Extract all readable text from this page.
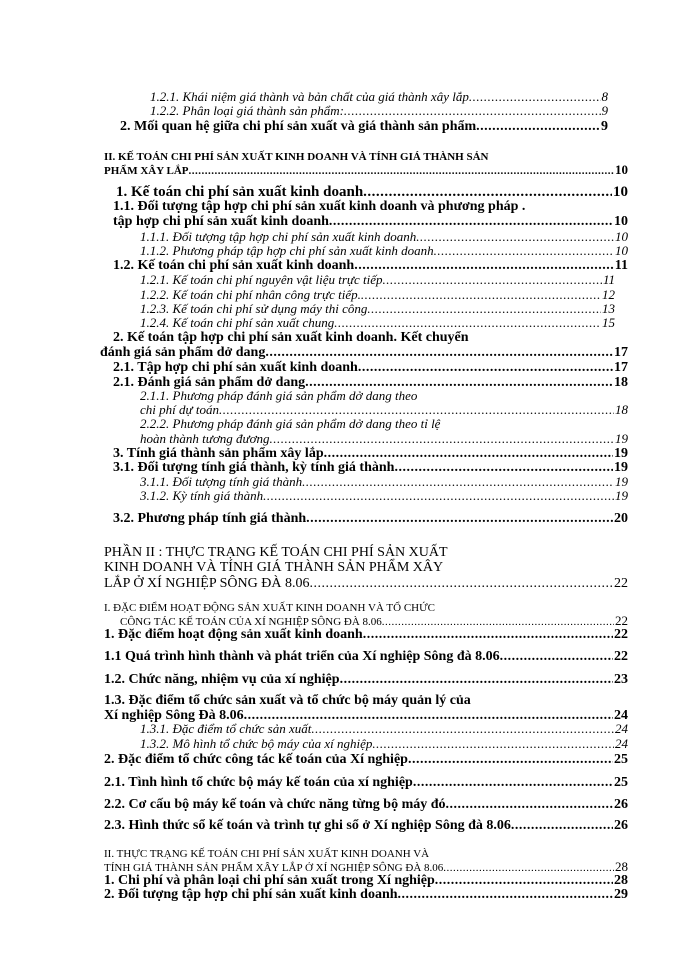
1.2.1. Khái niệm giá thành và bản chất của giá thành xây lắp .....	8
1.2.2. Phân loại giá thành sản phẩm: .....	9
2. Mối quan hệ giữa chi phí sản xuất và giá thành sản phẩm .....	9
II. KẾ TOÁN CHI PHÍ SẢN XUẤT KINH DOANH VÀ TÍNH GIÁ THÀNH SẢN
PHẨM XÂY LẮP .....	10
1. Kế toán chi phí sản xuất kinh doanh .....	10
1.1. Đối tượng tập hợp chi phí sản xuất kinh doanh và phương pháp .
tập hợp chi phí sản xuất kinh doanh .....	10
1.1.1. Đối tượng tập hợp chi phí sản xuất kinh doanh .....	10
1.1.2. Phương pháp tập hợp chi phí sản xuất kinh doanh .....	10
1.2. Kế toán chi phí sản xuất kinh doanh .....	11
1.2.1. Kế toán chi phí nguyên vật liệu trực tiếp .....	11
1.2.2. Kế toán chi phí nhân công trực tiếp. .....	12
1.2.3. Kế toán chi phí sử dụng máy thi công .....	13
1.2.4. Kế toán chi phí sản xuất chung .....	15
2. Kế toán tập hợp chi phí sản xuất kinh doanh. Kết chuyển
đánh giá sản phẩm dở dang .....	17
2.1. Tập hợp chi phí sản xuất kinh doanh .....	17
2.1. Đánh giá sản phẩm dở dang .....	18
2.1.1. Phương pháp đánh giá sản phẩm dở dang theo
chi phí dự toán .....	18
2.2.2. Phương pháp đánh giá sản phẩm dở dang theo tỉ lệ
hoàn thành tương đương .....	19
3. Tính giá thành sản phẩm xây lắp .....	19
3.1. Đối tượng tính giá thành, kỳ tính giá thành .....	19
3.1.1. Đối tượng tính giá thành .....	19
3.1.2. Kỳ tính giá thành .....	19
3.2. Phương pháp tính giá thành .....	20
PHẦN II : THỰC TRẠNG KẾ TOÁN CHI PHÍ SẢN XUẤT
KINH DOANH VÀ TÍNH GIÁ THÀNH SẢN PHẨM XÂY
LẮP Ở XÍ NGHIỆP SÔNG ĐÀ 8.06 .....	22
I. ĐẶC ĐIỂM HOẠT ĐỘNG SẢN XUẤT KINH DOANH VÀ TỔ CHỨC
CÔNG TÁC KẾ TOÁN CỦA XÍ NGHIỆP SÔNG ĐÀ 8.06 .....	22
1. Đặc điểm hoạt động sản xuất kinh doanh .....	22
1.1 Quá trình hình thành và phát triển của Xí nghiệp Sông đà 8.06 .....	22
1.2. Chức năng, nhiệm vụ của xí nghiệp .....	23
1.3. Đặc điểm tổ chức sản xuất và tổ chức bộ máy quản lý của
Xí nghiệp Sông Đà 8.06 .....	24
1.3.1. Đặc điểm tổ chức sản xuất .....	24
1.3.2. Mô hình tổ chức bộ máy của xí nghiệp .....	24
2. Đặc điểm tổ chức công tác kế toán của Xí nghiệp .....	25
2.1. Tình hình tổ chức bộ máy kế toán của xí nghiệp .....	25
2.2. Cơ cấu bộ máy kế toán và chức năng từng bộ máy đó .....	26
2.3. Hình thức sổ kế toán và trình tự ghi sổ ở Xí nghiệp Sông đà 8.06 .....	26
II. THỰC TRẠNG KẾ TOÁN CHI PHÍ SẢN XUẤT KINH DOANH VÀ
TÍNH GIÁ THÀNH SẢN PHẨM XÂY LẮP Ở XÍ NGHIỆP SÔNG ĐÀ 8.06 .....	28
1. Chi phí và phân loại chi phí sản xuất trong Xí nghiệp .....	28
2. Đối tượng tập hợp chi phí sản xuất kinh doanh .....	29
